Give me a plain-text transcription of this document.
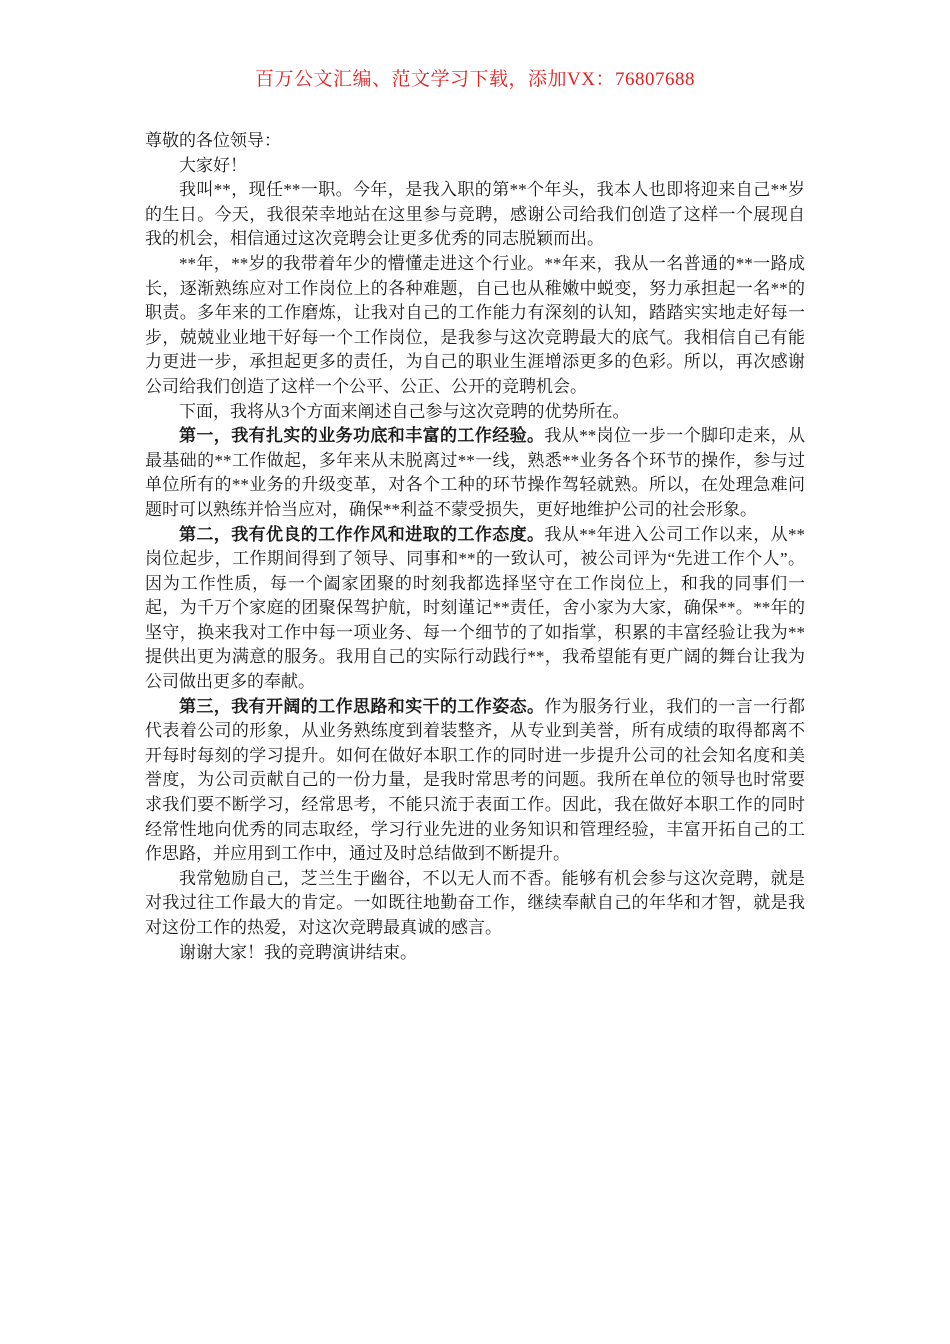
百万公文汇编、范文学习下载，添加VX：76807688

尊敬的各位领导：

大家好！

我叫**，现任**一职。今年，是我入职的第**个年头，我本人也即将迎来自己**岁的生日。今天，我很荣幸地站在这里参与竞聘，感谢公司给我们创造了这样一个展现自我的机会，相信通过这次竞聘会让更多优秀的同志脱颖而出。

**年，**岁的我带着年少的懵懂走进这个行业。**年来，我从一名普通的**一路成长，逐渐熟练应对工作岗位上的各种难题，自己也从稚嫩中蜕变，努力承担起一名**的职责。多年来的工作磨炼，让我对自己的工作能力有深刻的认知，踏踏实实地走好每一步，兢兢业业地干好每一个工作岗位，是我参与这次竞聘最大的底气。我相信自己有能力更进一步，承担起更多的责任，为自己的职业生涯增添更多的色彩。所以，再次感谢公司给我们创造了这样一个公平、公正、公开的竞聘机会。

下面，我将从3个方面来阐述自己参与这次竞聘的优势所在。

第一，我有扎实的业务功底和丰富的工作经验。我从**岗位一步一个脚印走来，从最基础的**工作做起，多年来从未脱离过**一线，熟悉**业务各个环节的操作，参与过单位所有的**业务的升级变革，对各个工种的环节操作驾轻就熟。所以，在处理急难问题时可以熟练并恰当应对，确保**利益不蒙受损失，更好地维护公司的社会形象。

第二，我有优良的工作作风和进取的工作态度。我从**年进入公司工作以来，从**岗位起步，工作期间得到了领导、同事和**的一致认可，被公司评为“先进工作个人”。因为工作性质，每一个阖家团聚的时刻我都选择坚守在工作岗位上，和我的同事们一起，为千万个家庭的团聚保驾护航，时刻谨记**责任，舍小家为大家，确保**。**年的坚守，换来我对工作中每一项业务、每一个细节的了如指掌，积累的丰富经验让我为**提供出更为满意的服务。我用自己的实际行动践行**，我希望能有更广阔的舞台让我为公司做出更多的奉献。

第三，我有开阔的工作思路和实干的工作姿态。作为服务行业，我们的一言一行都代表着公司的形象，从业务熟练度到着装整齐，从专业到美誉，所有成绩的取得都离不开每时每刻的学习提升。如何在做好本职工作的同时进一步提升公司的社会知名度和美誉度，为公司贡献自己的一份力量，是我时常思考的问题。我所在单位的领导也时常要求我们要不断学习，经常思考，不能只流于表面工作。因此，我在做好本职工作的同时经常性地向优秀的同志取经，学习行业先进的业务知识和管理经验，丰富开拓自己的工作思路，并应用到工作中，通过及时总结做到不断提升。

我常勉励自己，芝兰生于幽谷，不以无人而不香。能够有机会参与这次竞聘，就是对我过往工作最大的肯定。一如既往地勤奋工作，继续奉献自己的年华和才智，就是我对这份工作的热爱，对这次竞聘最真诚的感言。

谢谢大家！我的竞聘演讲结束。
